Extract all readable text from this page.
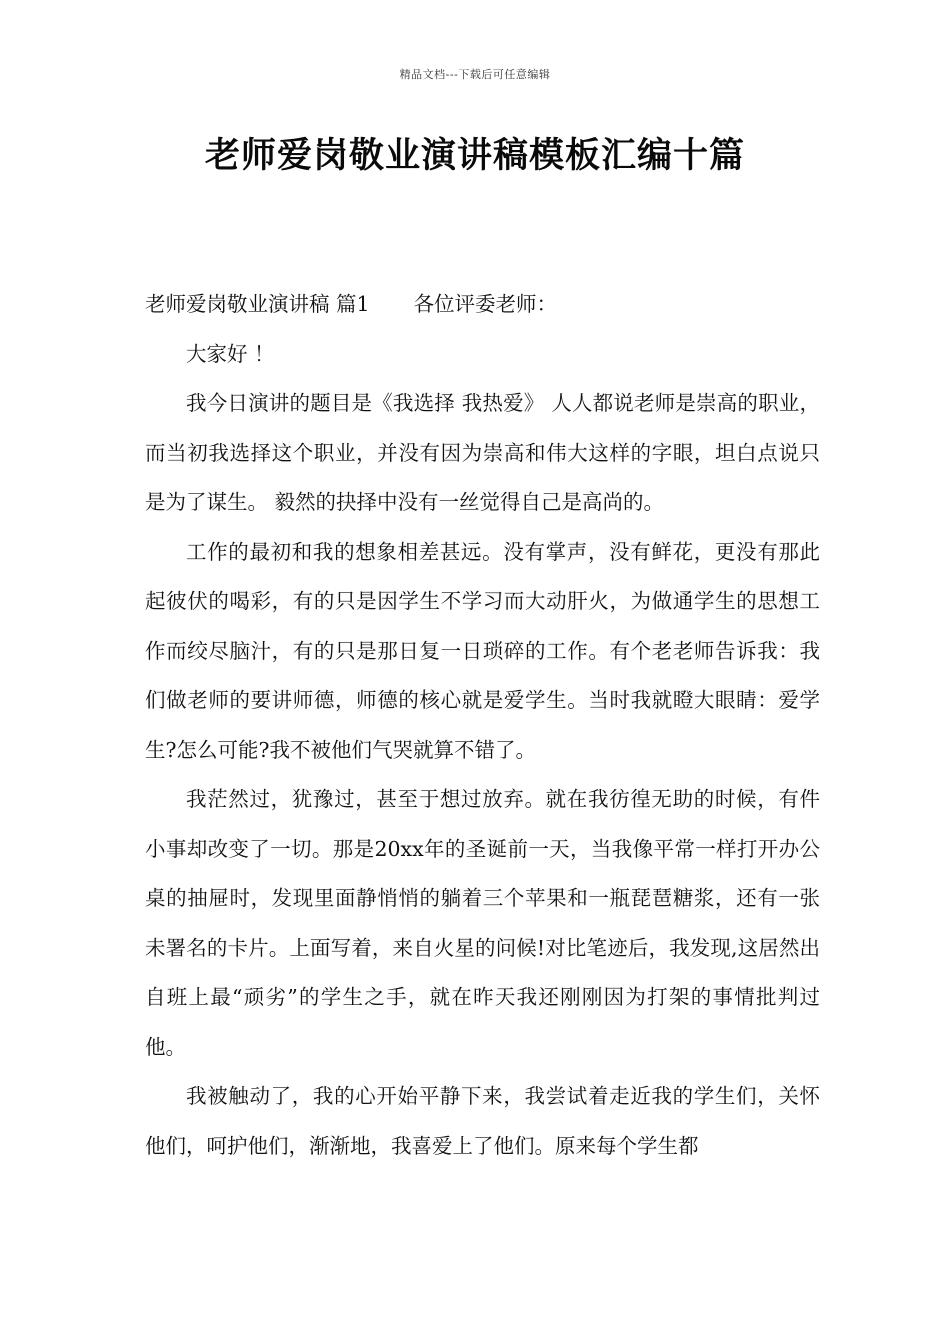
精品文档---下载后可任意编辑
老师爱岗敬业演讲稿模板汇编十篇
老师爱岗敬业演讲稿 篇1 各位评委老师：

大家好 ！

我今日演讲的题目是《我选择 我热爱》 人人都说老师是崇高的职业，而当初我选择这个职业，并没有因为崇高和伟大这样的字眼，坦白点说只是为了谋生。 毅然的抉择中没有一丝觉得自己是高尚的。

工作的最初和我的想象相差甚远。没有掌声，没有鲜花，更没有那此起彼伏的喝彩，有的只是因学生不学习而大动肝火，为做通学生的思想工作而绞尽脑汁，有的只是那日复一日琐碎的工作。有个老老师告诉我：我们做老师的要讲师德，师德的核心就是爱学生。当时我就瞪大眼睛：爱学生?怎么可能?我不被他们气哭就算不错了。

我茫然过，犹豫过，甚至于想过放弃。就在我彷徨无助的时候，有件小事却改变了一切。那是20xx年的圣诞前一天，当我像平常一样打开办公桌的抽屉时，发现里面静悄悄的躺着三个苹果和一瓶琵琶糖浆，还有一张未署名的卡片。上面写着，来自火星的问候!对比笔迹后，我发现,这居然出自班上最“顽劣”的学生之手，就在昨天我还刚刚因为打架的事情批判过他。

我被触动了，我的心开始平静下来，我尝试着走近我的学生们，关怀他们，呵护他们，渐渐地，我喜爱上了他们。原来每个学生都
